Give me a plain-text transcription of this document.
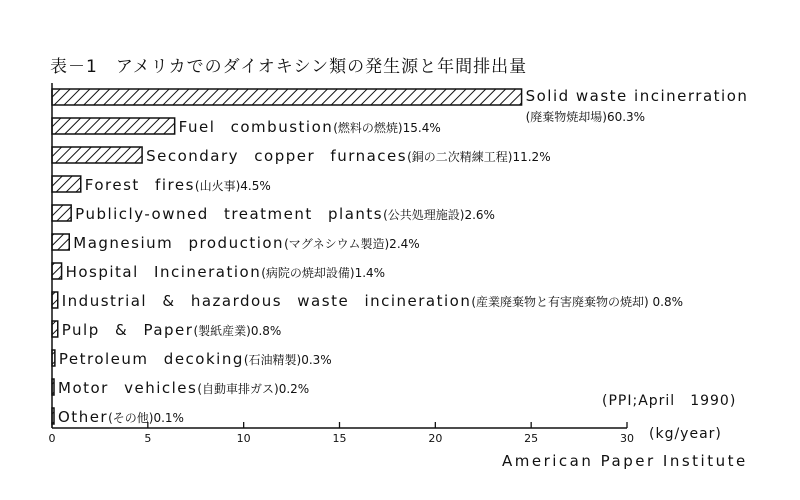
表－1　アメリカでのダイオキシン類の発生源と年間排出量
Solid waste incinerration
(廃棄物焼却場)60.3%
Fuel combustion(燃料の燃焼)15.4%
Secondary copper furnaces(銅の二次精練工程)11.2%
Forest fires(山火事)4.5%
Publicly-owned treatment plants(公共処理施設)2.6%
Magnesium production(マグネシウム製造)2.4%
Hospital Incineration(病院の焼却設備)1.4%
Industrial & hazardous waste incineration(産業廃棄物と有害廃棄物の焼却) 0.8%
Pulp & Paper(製紙産業)0.8%
Petroleum decoking(石油精製)0.3%
Motor vehicles(自動車排ガス)0.2%
Other(その他)0.1%
0	5	10	15	20	25	30 (kg/year)
(PPI;April　1990)
American Paper Institute
